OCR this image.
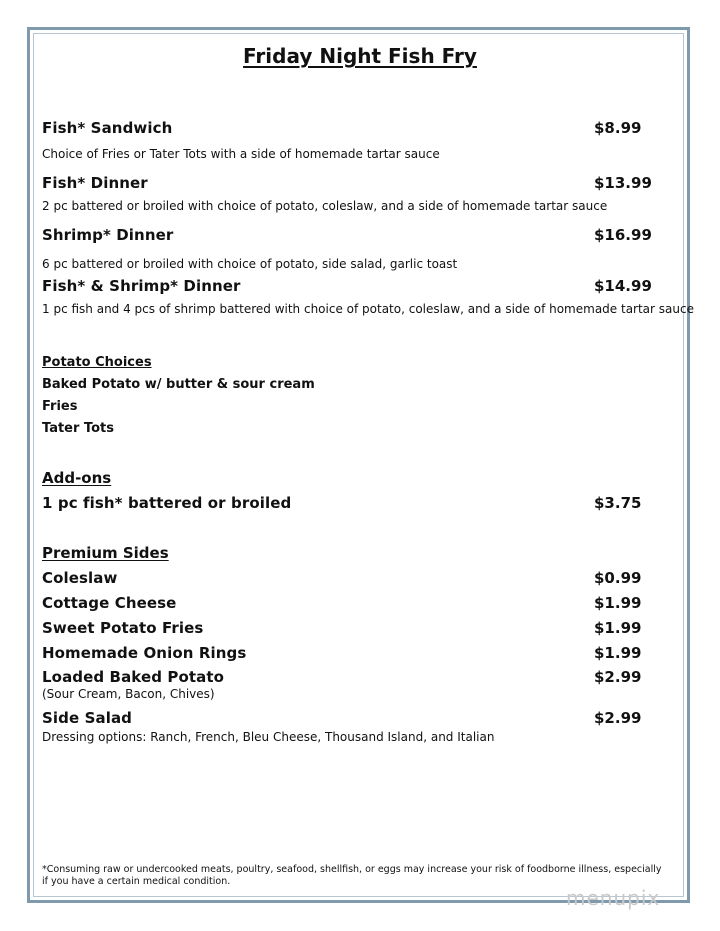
Friday Night Fish Fry
Fish* Sandwich	$8.99
Choice of Fries or Tater Tots with a side of homemade tartar sauce
Fish* Dinner	$13.99
2 pc battered or broiled with choice of potato, coleslaw, and a side of homemade tartar sauce
Shrimp* Dinner	$16.99
6 pc battered or broiled with choice of potato, side salad, garlic toast
Fish* & Shrimp* Dinner	$14.99
1 pc fish and 4 pcs of shrimp battered with choice of potato, coleslaw, and a side of homemade tartar sauce
Potato Choices
Baked Potato w/ butter & sour cream
Fries
Tater Tots
Add-ons
1 pc fish* battered or broiled	$3.75
Premium Sides
Coleslaw	$0.99
Cottage Cheese	$1.99
Sweet Potato Fries	$1.99
Homemade Onion Rings	$1.99
Loaded Baked Potato	$2.99
(Sour Cream, Bacon, Chives)
Side Salad	$2.99
Dressing options: Ranch, French, Bleu Cheese, Thousand Island, and Italian
*Consuming raw or undercooked meats, poultry, seafood, shellfish, or eggs may increase your risk of foodborne illness, especially if you have a certain medical condition.
menupix
